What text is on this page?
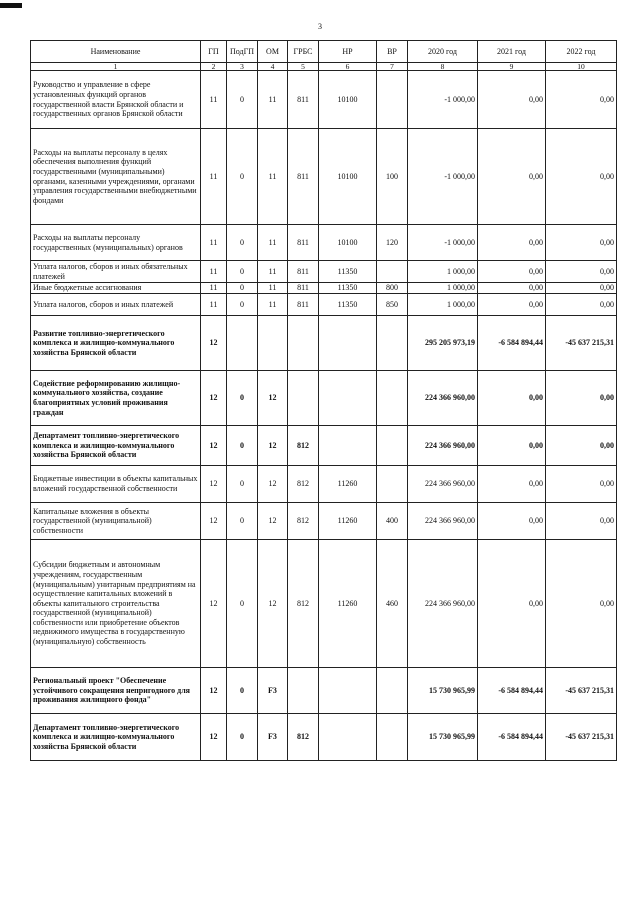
3
Наименование	ГП	ПодГП	ОМ	ГРБС	НР	ВР	2020 год	2021 год	2022 год
1	2	3	4	5	6	7	8	9	10
Руководство и управление в сфере установленных функций органов государственной власти Брянской области и государственных органов Брянской области	11	0	11	811	10100		-1 000,00	0,00	0,00
Расходы на выплаты персоналу в целях обеспечения выполнения функций государственными (муниципальными) органами, казенными учреждениями, органами управления государственными внебюджетными фондами	11	0	11	811	10100	100	-1 000,00	0,00	0,00
Расходы на выплаты персоналу государственных (муниципальных) органов	11	0	11	811	10100	120	-1 000,00	0,00	0,00
Уплата налогов, сборов и иных обязательных платежей	11	0	11	811	11350		1 000,00	0,00	0,00
Иные бюджетные ассигнования	11	0	11	811	11350	800	1 000,00	0,00	0,00
Уплата налогов, сборов и иных платежей	11	0	11	811	11350	850	1 000,00	0,00	0,00
Развитие топливно-энергетического комплекса и жилищно-коммунального хозяйства Брянской области	12						295 205 973,19	-6 584 894,44	-45 637 215,31
Содействие реформированию жилищно-коммунального хозяйства, создание благоприятных условий проживания граждан	12	0	12				224 366 960,00	0,00	0,00
Департамент топливно-энергетического комплекса и жилищно-коммунального хозяйства Брянской области	12	0	12	812			224 366 960,00	0,00	0,00
Бюджетные инвестиции в объекты капитальных вложений государственной собственности	12	0	12	812	11260		224 366 960,00	0,00	0,00
Капитальные вложения в объекты государственной (муниципальной) собственности	12	0	12	812	11260	400	224 366 960,00	0,00	0,00
Субсидии бюджетным и автономным учреждениям, государственным (муниципальным) унитарным предприятиям на осуществление капитальных вложений в объекты капитального строительства государственной (муниципальной) собственности или приобретение объектов недвижимого имущества в государственную (муниципальную) собственность	12	0	12	812	11260	460	224 366 960,00	0,00	0,00
Региональный проект "Обеспечение устойчивого сокращения непригодного для проживания жилищного фонда"	12	0	F3				15 730 965,99	-6 584 894,44	-45 637 215,31
Департамент топливно-энергетического комплекса и жилищно-коммунального хозяйства Брянской области	12	0	F3	812			15 730 965,99	-6 584 894,44	-45 637 215,31
